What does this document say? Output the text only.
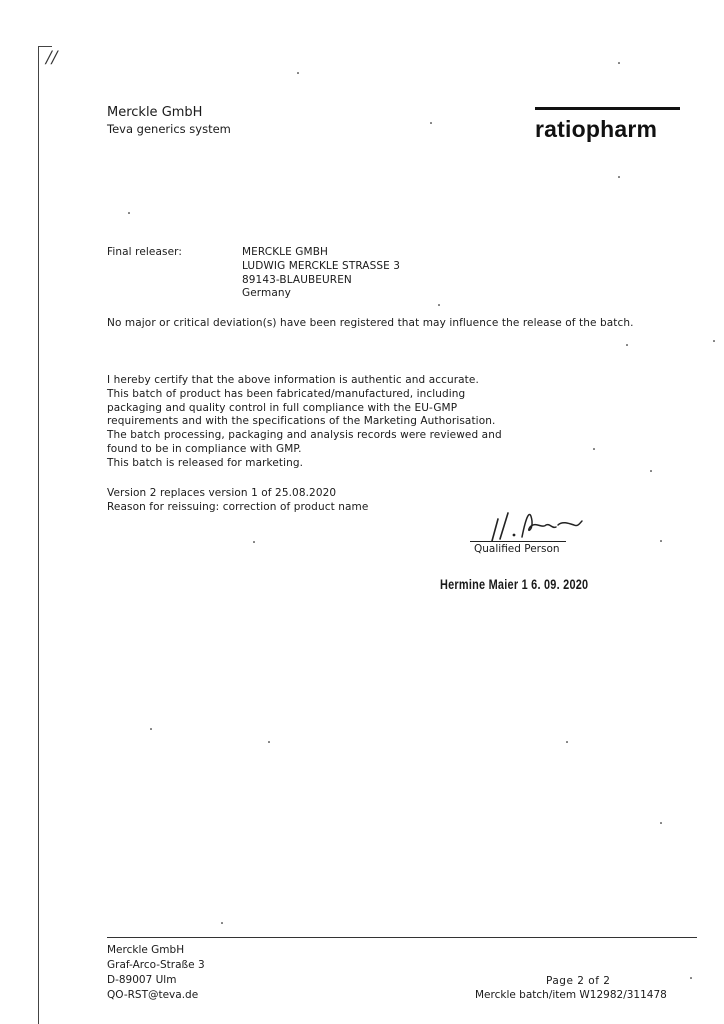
//
Merckle GmbH
Teva generics system	ratiopharm
Final releaser:	MERCKLE GMBH
LUDWIG MERCKLE STRASSE 3
89143-BLAUBEUREN
Germany
No major or critical deviation(s) have been registered that may influence the release of the batch.
I hereby certify that the above information is authentic and accurate.
This batch of product has been fabricated/manufactured, including
packaging and quality control in full compliance with the EU-GMP
requirements and with the specifications of the Marketing Authorisation.
The batch processing, packaging and analysis records were reviewed and
found to be in compliance with GMP.
This batch is released for marketing.
Version 2 replaces version 1 of 25.08.2020
Reason for reissuing: correction of product name
Qualified Person
Hermine Maier 1 6. 09. 2020
Merckle GmbH
Graf-Arco-Straße 3
D-89007 Ulm
QO-RST@teva.de
Page 2 of 2
Merckle batch/item W12982/311478
